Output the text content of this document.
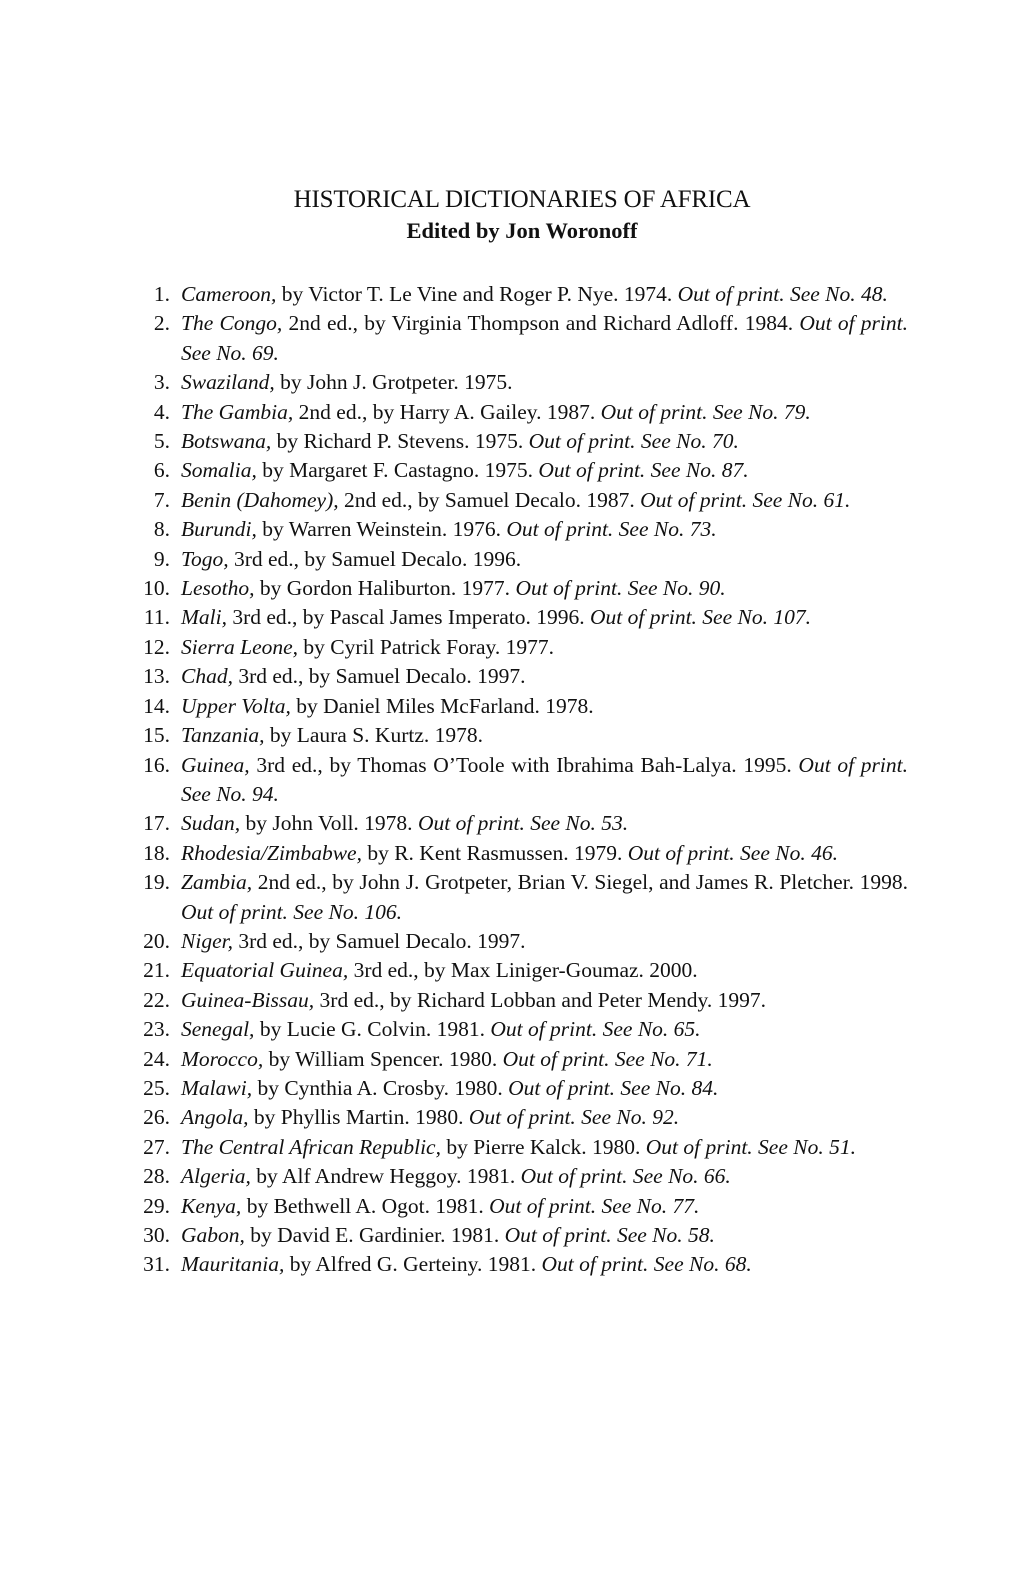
HISTORICAL DICTIONARIES OF AFRICA
Edited by Jon Woronoff
1. Cameroon, by Victor T. Le Vine and Roger P. Nye. 1974. Out of print. See No. 48.
2. The Congo, 2nd ed., by Virginia Thompson and Richard Adloff. 1984. Out of print. See No. 69.
3. Swaziland, by John J. Grotpeter. 1975.
4. The Gambia, 2nd ed., by Harry A. Gailey. 1987. Out of print. See No. 79.
5. Botswana, by Richard P. Stevens. 1975. Out of print. See No. 70.
6. Somalia, by Margaret F. Castagno. 1975. Out of print. See No. 87.
7. Benin (Dahomey), 2nd ed., by Samuel Decalo. 1987. Out of print. See No. 61.
8. Burundi, by Warren Weinstein. 1976. Out of print. See No. 73.
9. Togo, 3rd ed., by Samuel Decalo. 1996.
10. Lesotho, by Gordon Haliburton. 1977. Out of print. See No. 90.
11. Mali, 3rd ed., by Pascal James Imperato. 1996. Out of print. See No. 107.
12. Sierra Leone, by Cyril Patrick Foray. 1977.
13. Chad, 3rd ed., by Samuel Decalo. 1997.
14. Upper Volta, by Daniel Miles McFarland. 1978.
15. Tanzania, by Laura S. Kurtz. 1978.
16. Guinea, 3rd ed., by Thomas O’Toole with Ibrahima Bah-Lalya. 1995. Out of print. See No. 94.
17. Sudan, by John Voll. 1978. Out of print. See No. 53.
18. Rhodesia/Zimbabwe, by R. Kent Rasmussen. 1979. Out of print. See No. 46.
19. Zambia, 2nd ed., by John J. Grotpeter, Brian V. Siegel, and James R. Pletcher. 1998. Out of print. See No. 106.
20. Niger, 3rd ed., by Samuel Decalo. 1997.
21. Equatorial Guinea, 3rd ed., by Max Liniger-Goumaz. 2000.
22. Guinea-Bissau, 3rd ed., by Richard Lobban and Peter Mendy. 1997.
23. Senegal, by Lucie G. Colvin. 1981. Out of print. See No. 65.
24. Morocco, by William Spencer. 1980. Out of print. See No. 71.
25. Malawi, by Cynthia A. Crosby. 1980. Out of print. See No. 84.
26. Angola, by Phyllis Martin. 1980. Out of print. See No. 92.
27. The Central African Republic, by Pierre Kalck. 1980. Out of print. See No. 51.
28. Algeria, by Alf Andrew Heggoy. 1981. Out of print. See No. 66.
29. Kenya, by Bethwell A. Ogot. 1981. Out of print. See No. 77.
30. Gabon, by David E. Gardinier. 1981. Out of print. See No. 58.
31. Mauritania, by Alfred G. Gerteiny. 1981. Out of print. See No. 68.
